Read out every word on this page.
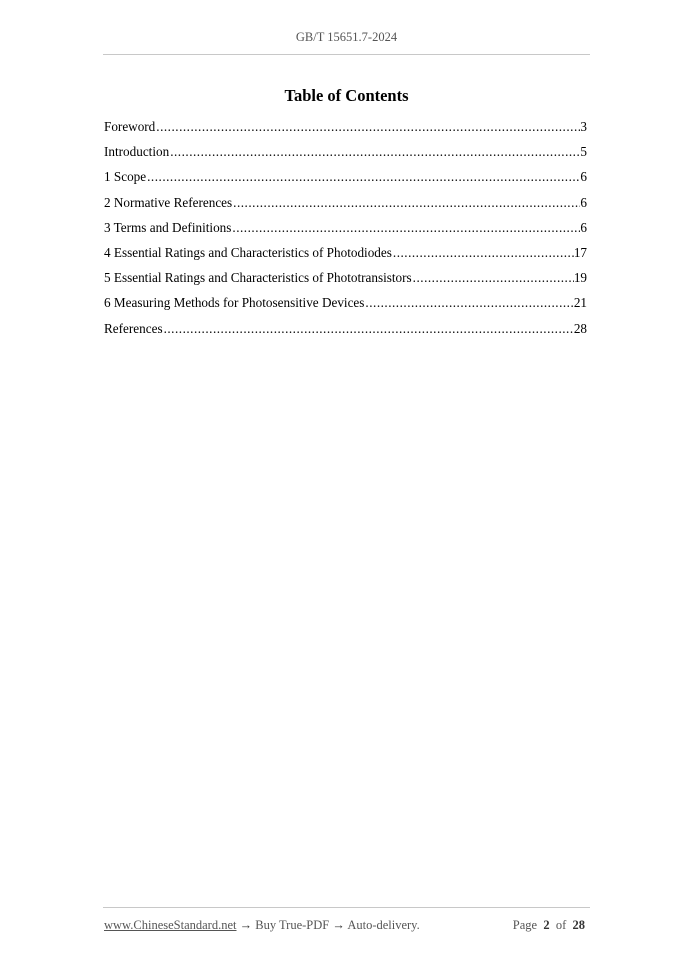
GB/T 15651.7-2024
Table of Contents
Foreword .....	3
Introduction .....	5
1 Scope .....	6
2 Normative References .....	6
3 Terms and Definitions .....	6
4 Essential Ratings and Characteristics of Photodiodes .....	17
5 Essential Ratings and Characteristics of Phototransistors .....	19
6 Measuring Methods for Photosensitive Devices .....	21
References .....	28
www.ChineseStandard.net → Buy True-PDF → Auto-delivery.	Page 2 of 28
